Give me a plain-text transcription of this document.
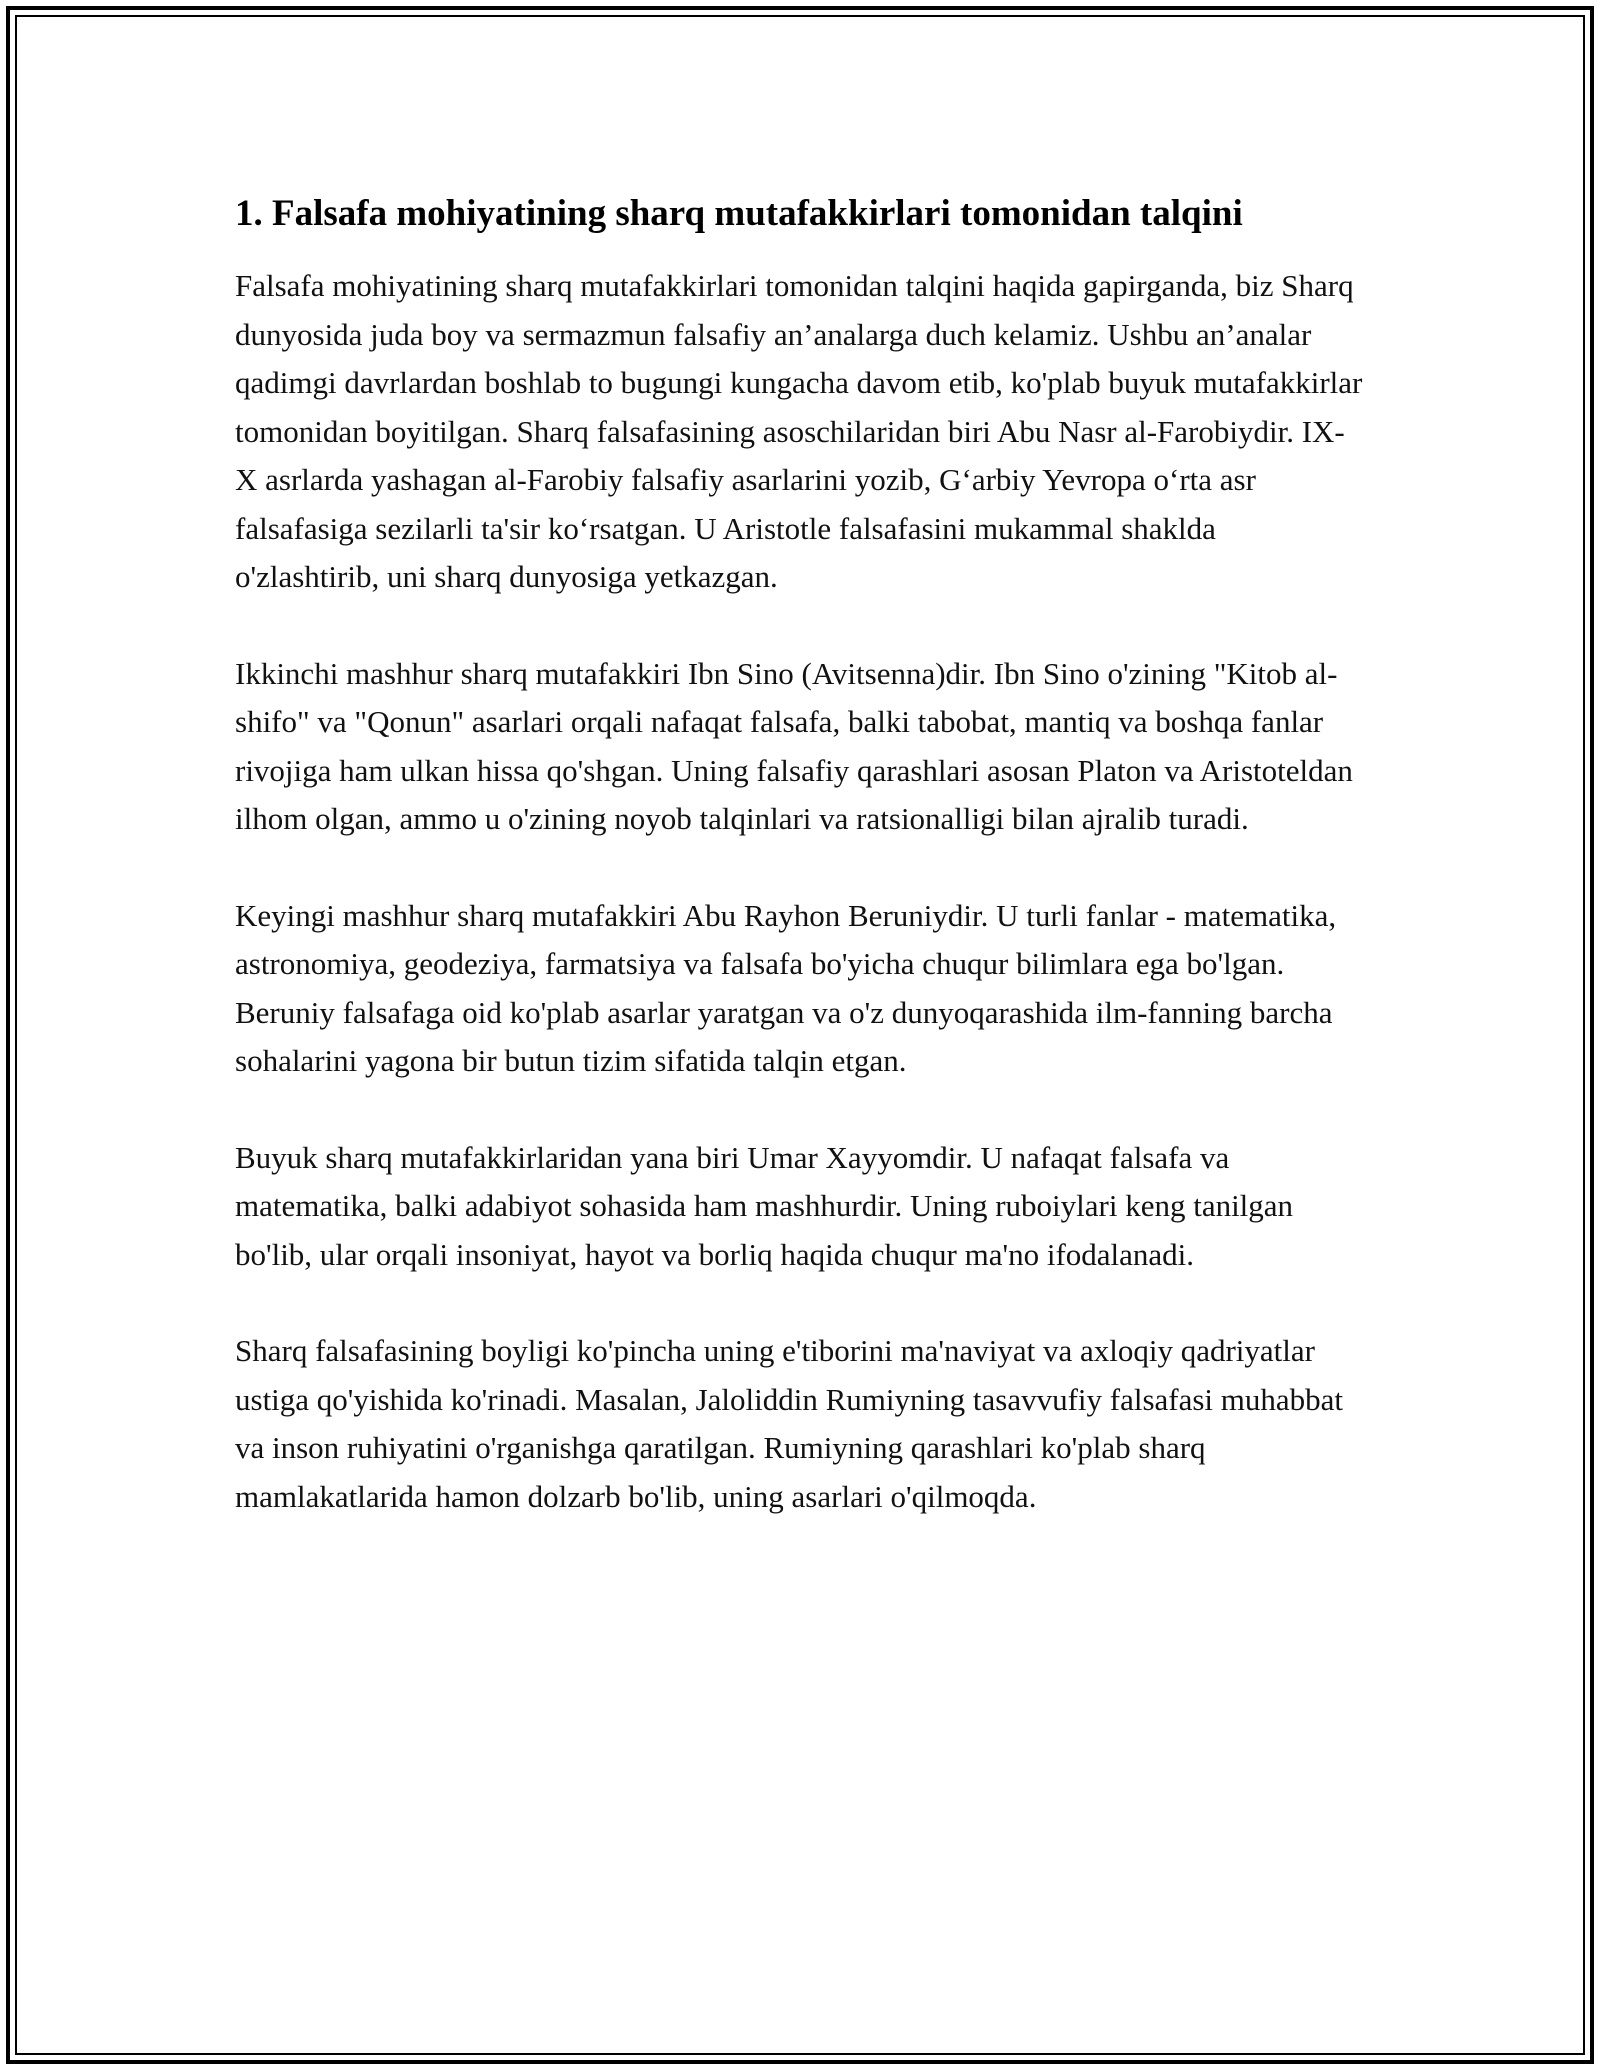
1. Falsafa mohiyatining sharq mutafakkirlari tomonidan talqini

Falsafa mohiyatining sharq mutafakkirlari tomonidan talqini haqida gapirganda, biz Sharq dunyosida juda boy va sermazmun falsafiy an’analarga duch kelamiz. Ushbu an’analar qadimgi davrlardan boshlab to bugungi kungacha davom etib, ko'plab buyuk mutafakkirlar tomonidan boyitilgan. Sharq falsafasining asoschilaridan biri Abu Nasr al-Farobiydir. IX-X asrlarda yashagan al-Farobiy falsafiy asarlarini yozib, G‘arbiy Yevropa o‘rta asr falsafasiga sezilarli ta'sir ko‘rsatgan. U Aristotle falsafasini mukammal shaklda o'zlashtirib, uni sharq dunyosiga yetkazgan.

Ikkinchi mashhur sharq mutafakkiri Ibn Sino (Avitsenna)dir. Ibn Sino o'zining "Kitob al-shifo" va "Qonun" asarlari orqali nafaqat falsafa, balki tabobat, mantiq va boshqa fanlar rivojiga ham ulkan hissa qo'shgan. Uning falsafiy qarashlari asosan Platon va Aristoteldan ilhom olgan, ammo u o'zining noyob talqinlari va ratsionalligi bilan ajralib turadi.

Keyingi mashhur sharq mutafakkiri Abu Rayhon Beruniydir. U turli fanlar - matematika, astronomiya, geodeziya, farmatsiya va falsafa bo'yicha chuqur bilimlara ega bo'lgan. Beruniy falsafaga oid ko'plab asarlar yaratgan va o'z dunyoqarashida ilm-fanning barcha sohalarini yagona bir butun tizim sifatida talqin etgan.

Buyuk sharq mutafakkirlaridan yana biri Umar Xayyomdir. U nafaqat falsafa va matematika, balki adabiyot sohasida ham mashhurdir. Uning ruboiylari keng tanilgan bo'lib, ular orqali insoniyat, hayot va borliq haqida chuqur ma'no ifodalanadi.

Sharq falsafasining boyligi ko'pincha uning e'tiborini ma'naviyat va axloqiy qadriyatlar ustiga qo'yishida ko'rinadi. Masalan, Jaloliddin Rumiyning tasavvufiy falsafasi muhabbat va inson ruhiyatini o'rganishga qaratilgan. Rumiyning qarashlari ko'plab sharq mamlakatlarida hamon dolzarb bo'lib, uning asarlari o'qilmoqda.
